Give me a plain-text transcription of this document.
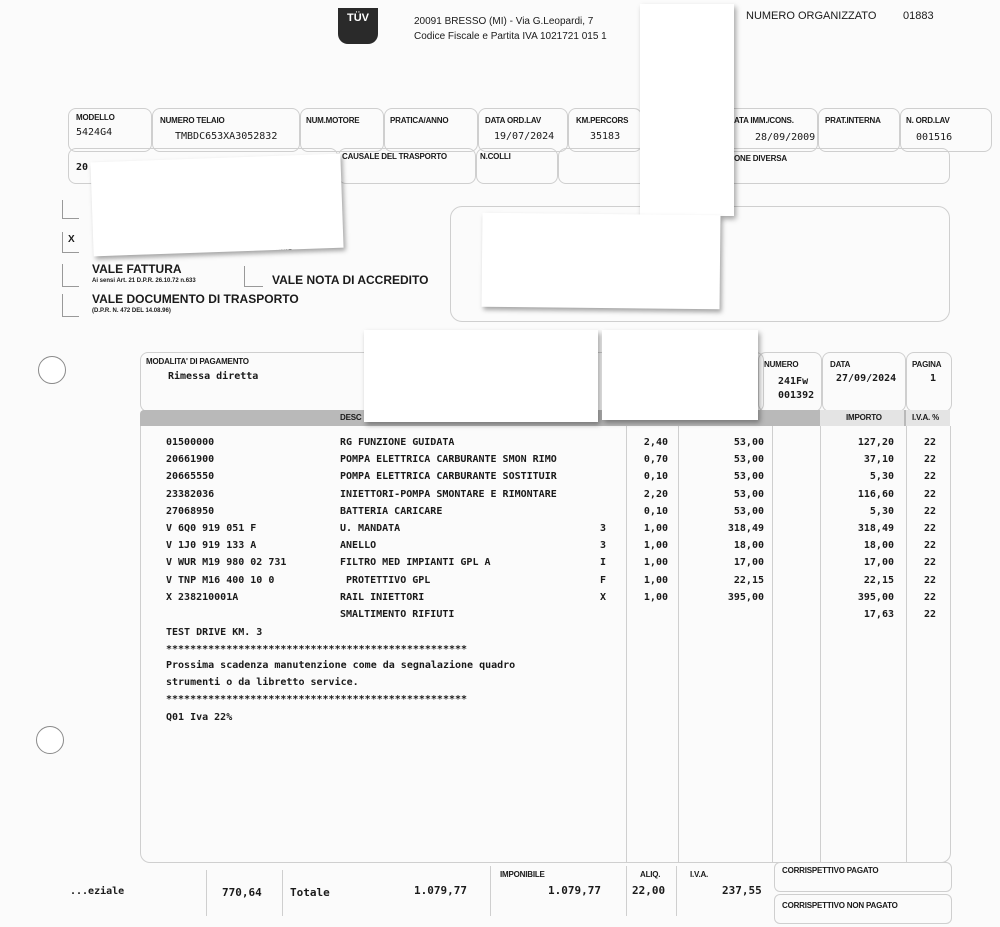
TÜV	20091 BRESSO (MI) - Via G.Leopardi, 7
Codice Fiscale e Partita IVA 1021721 015 1
NUMERO ORGANIZZATO 01883
MODELLO
5424G4
NUMERO TELAIO
TMBDC653XA3052832
NUM.MOTORE	PRATICA/ANNO	DATA ORD.LAV
19/07/2024
KM.PERCORS
35183
ATA IMM./CONS.
28/09/2009
PRAT.INTERNA	N. ORD.LAV
001516
20
CAUSALE DEL TRASPORTO	N.COLLI	ONE DIVERSA
X
VALE FATTURA
Ai sensi Art. 21 D.P.R. 26.10.72 n.633	VALE NOTA DI ACCREDITO
VALE DOCUMENTO DI TRASPORTO
(D.P.R. N. 472 DEL 14.08.96)
MODALITA' DI PAGAMENTO
Rimessa diretta
NUMERO
241Fw
001392
DATA
27/09/2024
PAGINA
1
DESC	IMPORTO	I.V.A. %
01500000	RG FUNZIONE GUIDATA	2,40	53,00	127,20	22
20661900	POMPA ELETTRICA CARBURANTE SMON RIMO	0,70	53,00	37,10	22
20665550	POMPA ELETTRICA CARBURANTE SOSTITUIR	0,10	53,00	5,30	22
23382036	INIETTORI-POMPA SMONTARE E RIMONTARE	2,20	53,00	116,60	22
27068950	BATTERIA CARICARE	0,10	53,00	5,30	22
V 6Q0 919 051 F	U. MANDATA	3	1,00	318,49	318,49	22
V 1J0 919 133 A	ANELLO	3	1,00	18,00	18,00	22
V WUR M19 980 02 731	FILTRO MED IMPIANTI GPL A	I	1,00	17,00	17,00	22
V TNP M16 400 10 0	PROTETTIVO GPL	F	1,00	22,15	22,15	22
X 238210001A	RAIL INIETTORI	X	1,00	395,00	395,00	22
SMALTIMENTO RIFIUTI	17,63	22
TEST DRIVE KM. 3
**************************************************
Prossima scadenza manutenzione come da segnalazione quadro
strumenti o da libretto service.
**************************************************
Q01 Iva 22%
...eziale	770,64	Totale	1.079,77
IMPONIBILE
1.079,77
ALIQ.
22,00
I.V.A.
237,55
CORRISPETTIVO PAGATO
CORRISPETTIVO NON PAGATO
